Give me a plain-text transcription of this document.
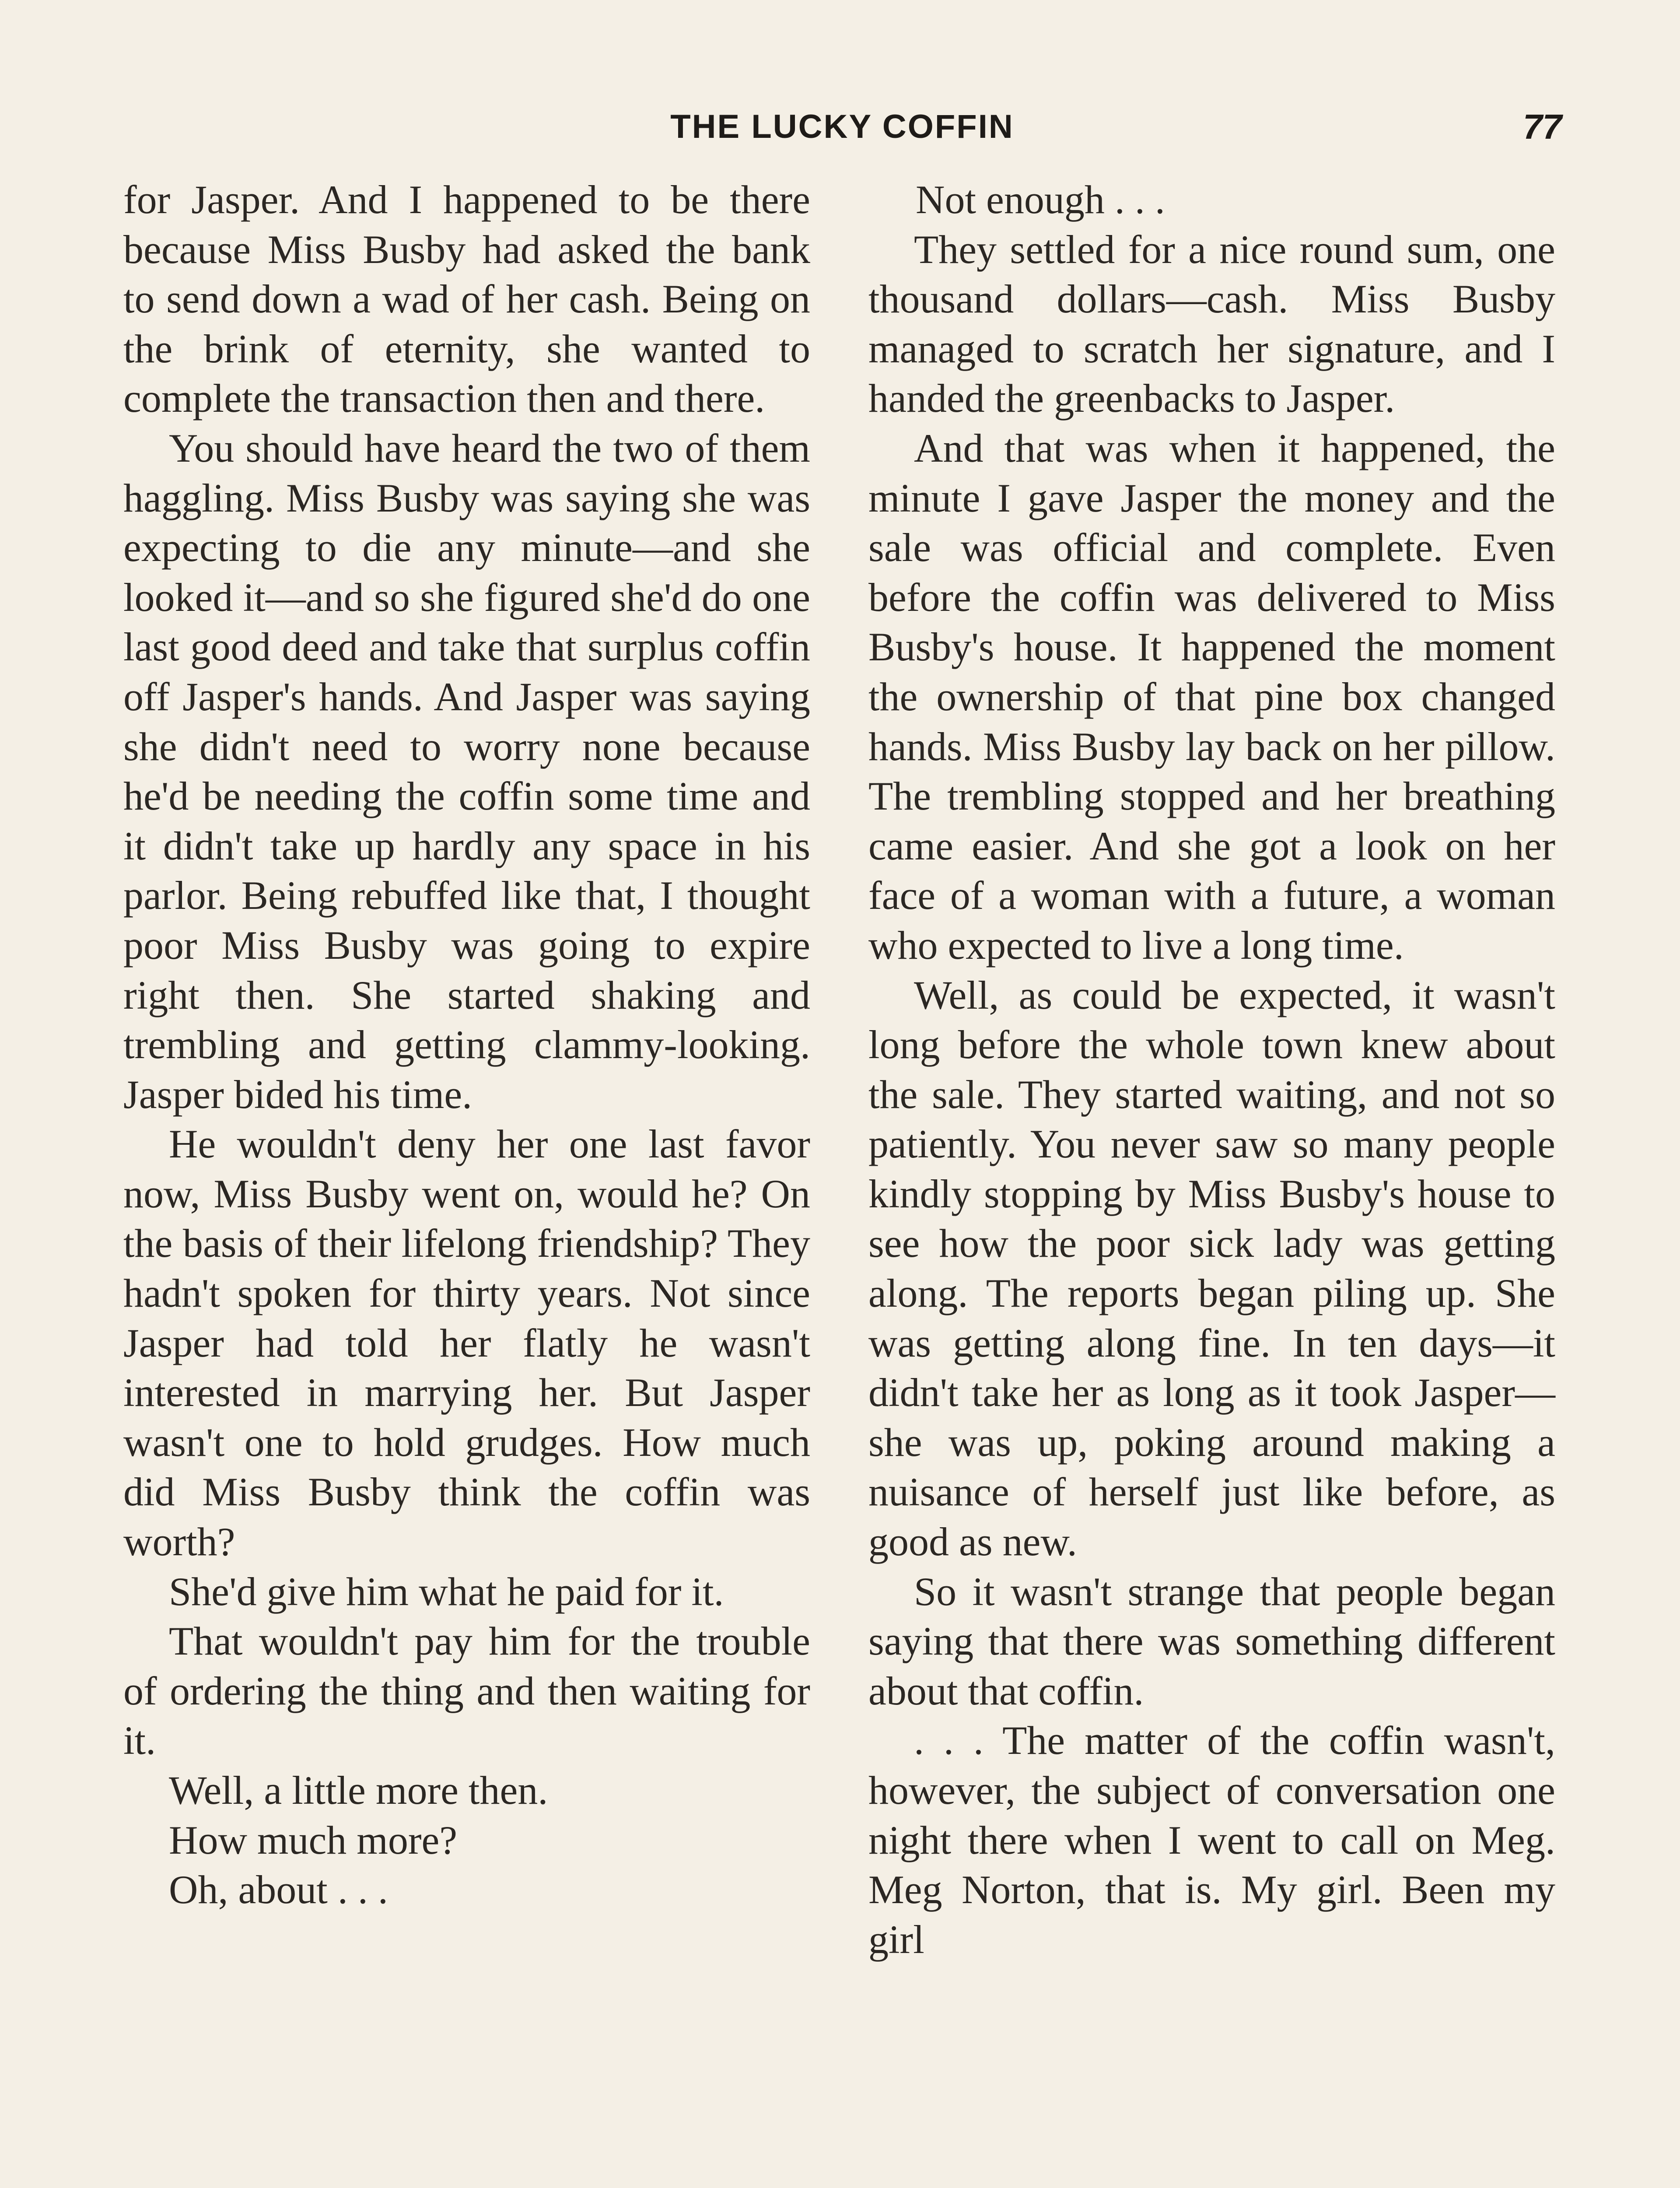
THE LUCKY COFFIN	77

for Jasper. And I happened to be there because Miss Busby had asked the bank to send down a wad of her cash. Being on the brink of eternity, she wanted to complete the transaction then and there.

You should have heard the two of them haggling. Miss Busby was saying she was expecting to die any minute—and she looked it—and so she figured she'd do one last good deed and take that surplus coffin off Jasper's hands. And Jasper was saying she didn't need to worry none because he'd be needing the coffin some time and it didn't take up hardly any space in his parlor. Being rebuffed like that, I thought poor Miss Busby was going to expire right then. She started shaking and trembling and getting clammy-looking. Jasper bided his time.

He wouldn't deny her one last favor now, Miss Busby went on, would he? On the basis of their lifelong friendship? They hadn't spoken for thirty years. Not since Jasper had told her flatly he wasn't interested in marrying her. But Jasper wasn't one to hold grudges. How much did Miss Busby think the coffin was worth?

She'd give him what he paid for it.

That wouldn't pay him for the trouble of ordering the thing and then waiting for it.

Well, a little more then.

How much more?

Oh, about . . .

Not enough . . .

They settled for a nice round sum, one thousand dollars—cash. Miss Busby managed to scratch her signature, and I handed the greenbacks to Jasper.

And that was when it happened, the minute I gave Jasper the money and the sale was official and complete. Even before the coffin was delivered to Miss Busby's house. It happened the moment the ownership of that pine box changed hands. Miss Busby lay back on her pillow. The trembling stopped and her breathing came easier. And she got a look on her face of a woman with a future, a woman who expected to live a long time.

Well, as could be expected, it wasn't long before the whole town knew about the sale. They started waiting, and not so patiently. You never saw so many people kindly stopping by Miss Busby's house to see how the poor sick lady was getting along. The reports began piling up. She was getting along fine. In ten days—it didn't take her as long as it took Jasper—she was up, poking around making a nuisance of herself just like before, as good as new.

So it wasn't strange that people began saying that there was something different about that coffin.

. . . The matter of the coffin wasn't, however, the subject of conversation one night there when I went to call on Meg. Meg Norton, that is. My girl. Been my girl
